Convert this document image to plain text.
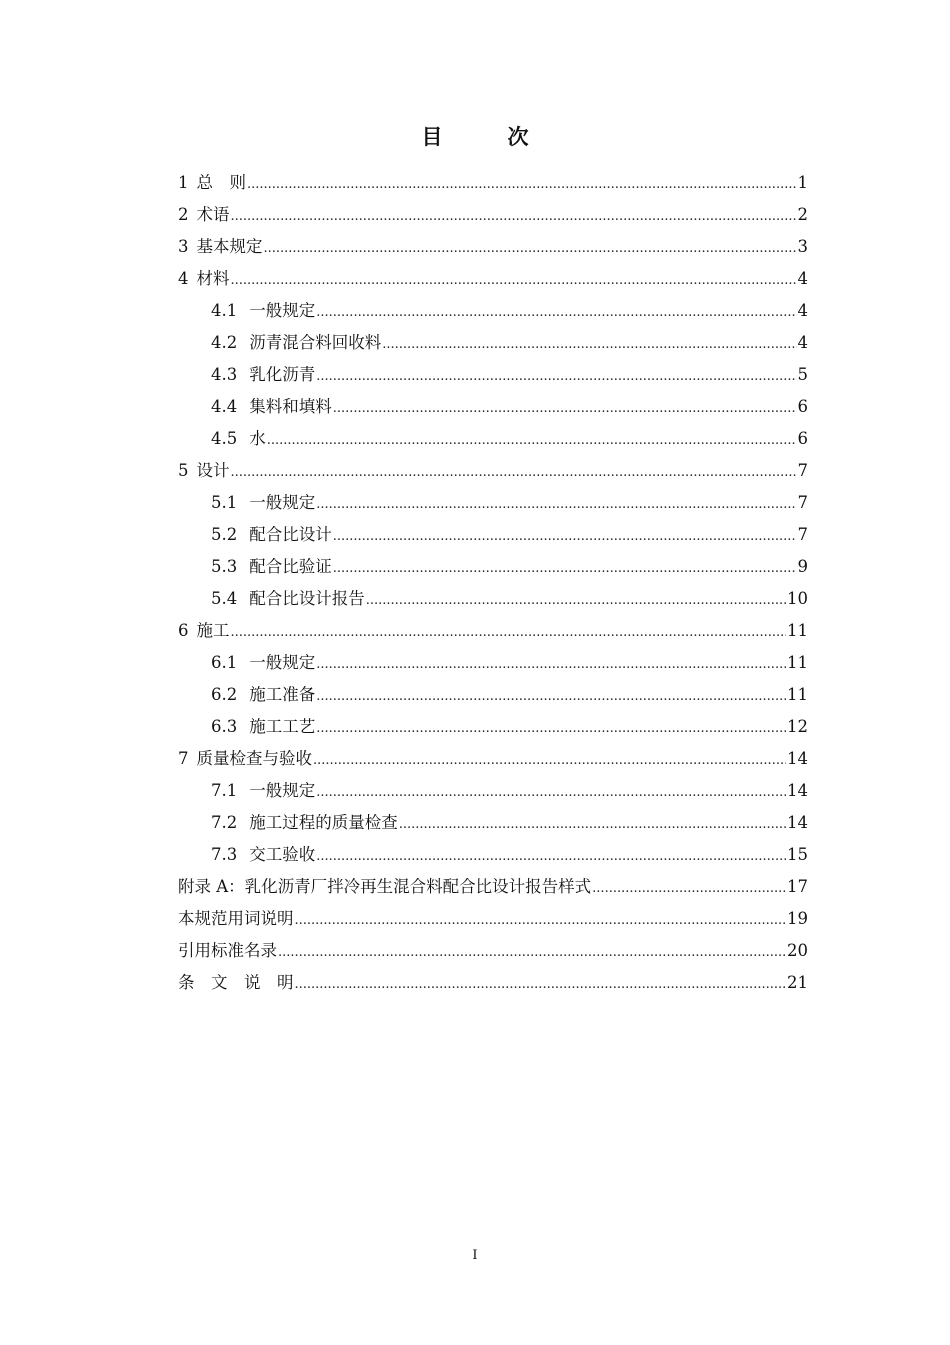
目　次
1 总　则 .....	1
2 术语 .....	2
3 基本规定 .....	3
4 材料 .....	4
4.1 一般规定 .....	4
4.2 沥青混合料回收料 .....	4
4.3 乳化沥青 .....	5
4.4 集料和填料 .....	6
4.5 水 .....	6
5 设计 .....	7
5.1 一般规定 .....	7
5.2 配合比设计 .....	7
5.3 配合比验证 .....	9
5.4 配合比设计报告 .....	10
6 施工 .....	11
6.1 一般规定 .....	11
6.2 施工准备 .....	11
6.3 施工工艺 .....	12
7 质量检查与验收 .....	14
7.1 一般规定 .....	14
7.2 施工过程的质量检查 .....	14
7.3 交工验收 .....	15
附录 A：乳化沥青厂拌冷再生混合料配合比设计报告样式 .....	17
本规范用词说明 .....	19
引用标准名录 .....	20
条　文　说　明 .....	21
I
